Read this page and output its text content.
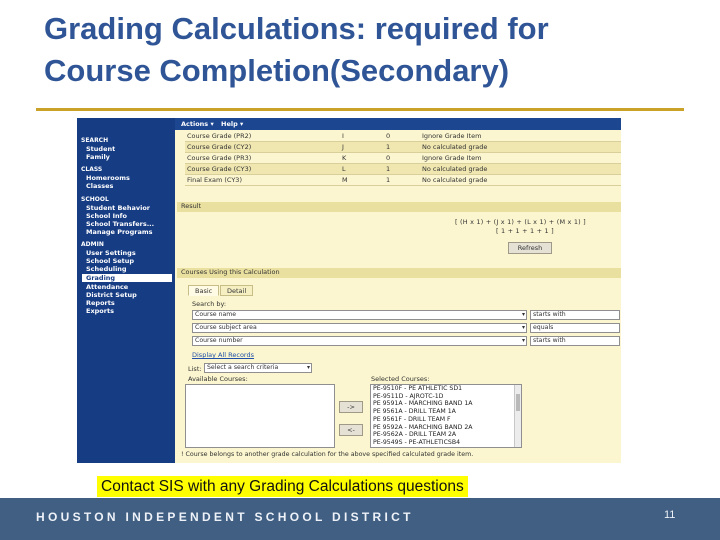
Grading Calculations: required for
Course Completion(Secondary)
SEARCH
Student
Family
CLASS
Homerooms
Classes
SCHOOL
Student Behavior
School Info
School Transfers...
Manage Programs
ADMIN
User Settings
School Setup
Scheduling
Grading
Attendance
District Setup
Reports
Exports
Actions ▾ Help ▾
Course Grade (PR2)	I	0	Ignore Grade Item
Course Grade (CY2)	J	1	No calculated grade
Course Grade (PR3)	K	0	Ignore Grade Item
Course Grade (CY3)	L	1	No calculated grade
Final Exam (CY3)	M	1	No calculated grade
Result
[ (H x 1) + (J x 1) + (L x 1) + (M x 1) ]
[ 1 + 1 + 1 + 1 ]
Refresh
Courses Using this Calculation
Basic	Detail
Search by:
Course name	▾	starts with
Course subject area	▾	equals
Course number	▾	starts with
Display All Records
List: Select a search criteria	▾
Available Courses:
->
<-
Selected Courses:
PE-9510F - PE ATHLETIC SD1
PE-9511D - AJROTC-1D
PE 9591A - MARCHING BAND 1A
PE 9561A - DRILL TEAM 1A
PE 9561F - DRILL TEAM F
PE 9592A - MARCHING BAND 2A
PE-9562A - DRILL TEAM 2A
PE-9549S - PE-ATHLETICSB4
! Course belongs to another grade calculation for the above specified calculated grade item.
Contact SIS with any Grading Calculations questions
HOUSTON INDEPENDENT SCHOOL DISTRICT	11
